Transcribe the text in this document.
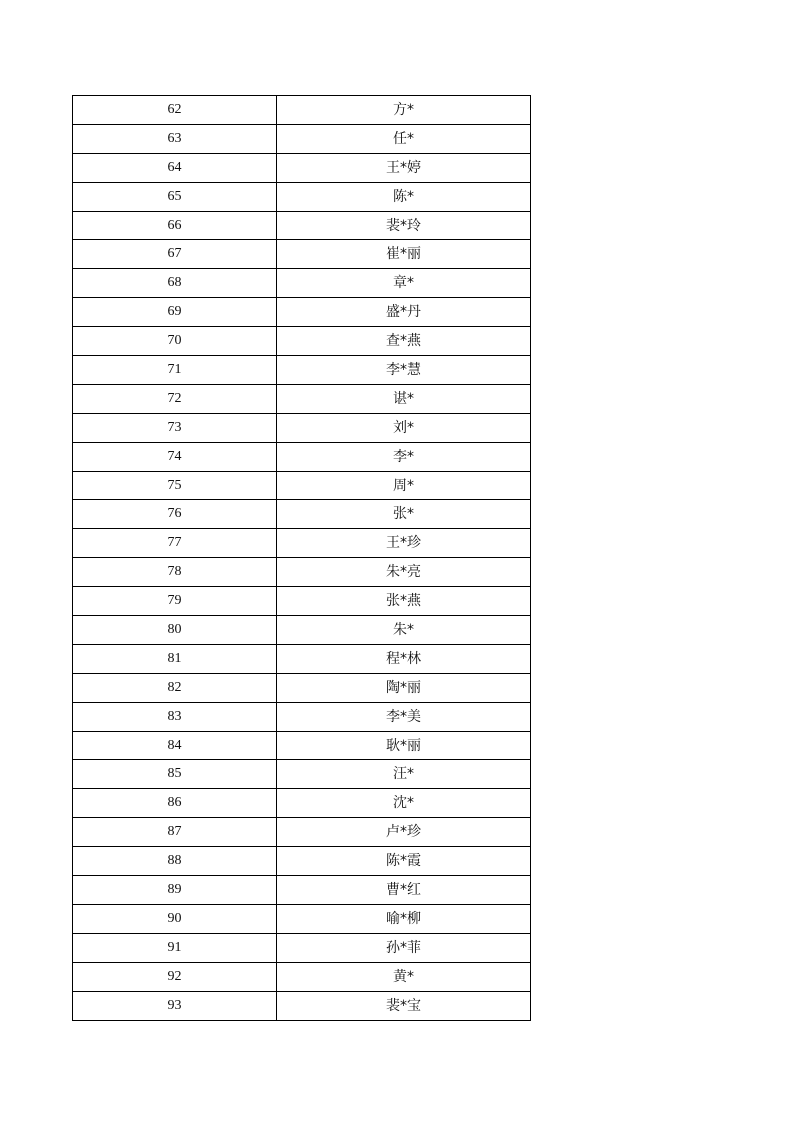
62	方*
63	任*
64	王*婷
65	陈*
66	裴*玲
67	崔*丽
68	章*
69	盛*丹
70	查*燕
71	李*慧
72	谌*
73	刘*
74	李*
75	周*
76	张*
77	王*珍
78	朱*亮
79	张*燕
80	朱*
81	程*林
82	陶*丽
83	李*美
84	耿*丽
85	汪*
86	沈*
87	卢*珍
88	陈*霞
89	曹*红
90	喻*柳
91	孙*菲
92	黄*
93	裴*宝
